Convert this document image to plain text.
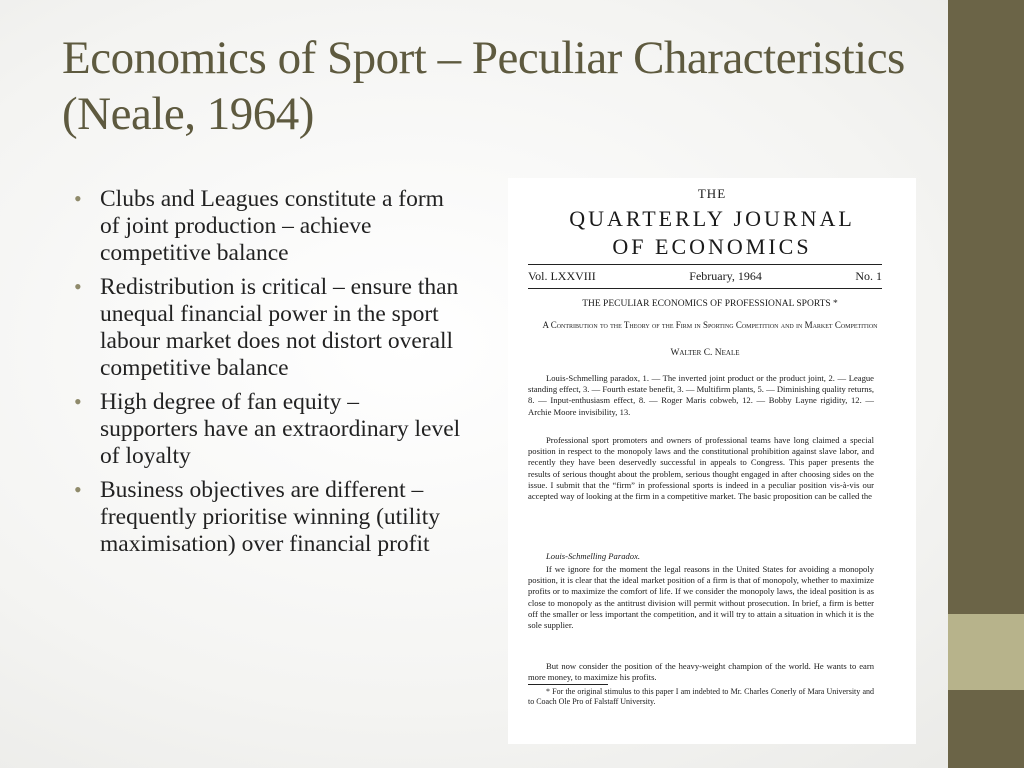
Economics of Sport – Peculiar Characteristics (Neale, 1964)
• Clubs and Leagues constitute a form of joint production – achieve competitive balance
• Redistribution is critical – ensure than unequal financial power in the sport labour market does not distort overall competitive balance
• High degree of fan equity – supporters have an extraordinary level of loyalty
• Business objectives are different – frequently prioritise winning (utility maximisation) over financial profit
THE
QUARTERLY JOURNAL
OF ECONOMICS
Vol. LXXVIII	February, 1964	No. 1
THE PECULIAR ECONOMICS OF PROFESSIONAL SPORTS *
A Contribution to the Theory of the Firm in Sporting Competition and in Market Competition
Walter C. Neale

Louis-Schmelling paradox, 1. — The inverted joint product or the product joint, 2. — League standing effect, 3. — Fourth estate benefit, 3. — Multifirm plants, 5. — Diminishing quality returns, 8. — Input-enthusiasm effect, 8. — Roger Maris cobweb, 12. — Bobby Layne rigidity, 12. — Archie Moore invisibility, 13.

Professional sport promoters and owners of professional teams have long claimed a special position in respect to the monopoly laws and the constitutional prohibition against slave labor, and recently they have been deservedly successful in appeals to Congress. This paper presents the results of serious thought about the problem, serious thought engaged in after choosing sides on the issue. I submit that the “firm” in professional sports is indeed in a peculiar position vis-à-vis our accepted way of looking at the firm in a competitive market. The basic proposition can be called the

Louis-Schmelling Paradox.

If we ignore for the moment the legal reasons in the United States for avoiding a monopoly position, it is clear that the ideal market position of a firm is that of monopoly, whether to maximize profits or to maximize the comfort of life. If we consider the monopoly laws, the ideal position is as close to monopoly as the antitrust division will permit without prosecution. In brief, a firm is better off the smaller or less important the competition, and it will try to attain a situation in which it is the sole supplier.

But now consider the position of the heavy-weight champion of the world. He wants to earn more money, to maximize his profits.

* For the original stimulus to this paper I am indebted to Mr. Charles Conerly of Mara University and to Coach Ole Pro of Falstaff University.
